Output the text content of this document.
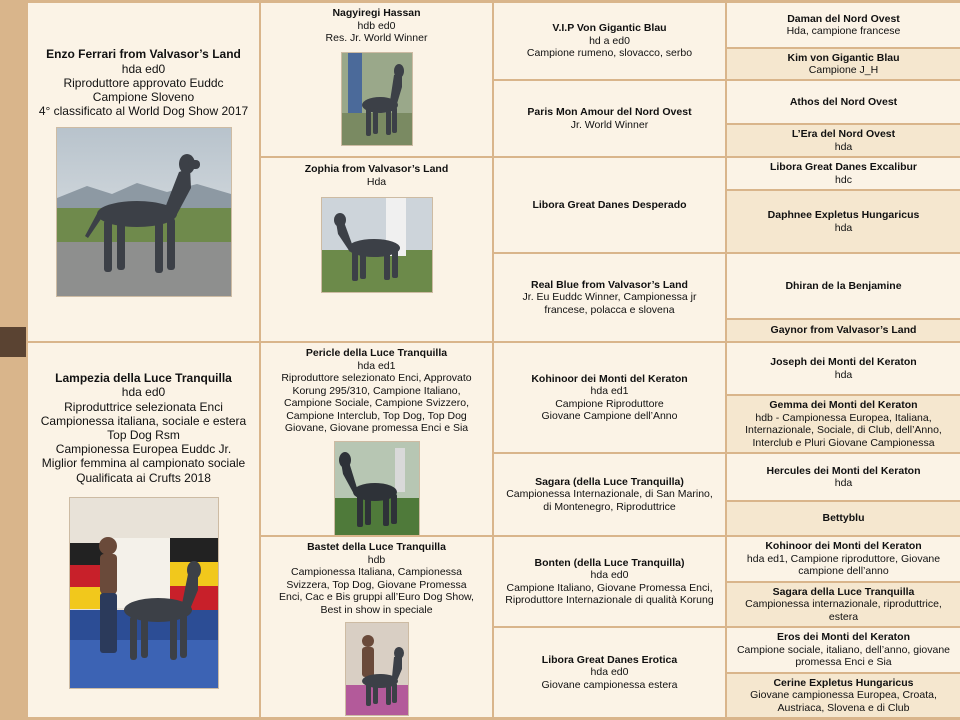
Enzo Ferrari from Valvasor’s Land
hda ed0
Riproduttore approvato Euddc
Campione Sloveno
4° classificato al World Dog Show 2017
Lampezia della Luce Tranquilla
hda ed0
Riproduttrice selezionata Enci
Campionessa italiana, sociale e estera
Top Dog Rsm
Campionessa Europea Euddc Jr.
Miglior femmina al campionato sociale
Qualificata ai Crufts 2018
Nagyiregi Hassan
hdb ed0
Res. Jr. World Winner
Zophia from Valvasor’s Land
Hda
Pericle della Luce Tranquilla
hda ed1
Riproduttore selezionato Enci, Approvato Korung 295/310, Campione Italiano, Campione Sociale, Campione Svizzero, Campione Interclub, Top Dog, Top Dog Giovane, Giovane promessa Enci e Sia
Bastet della Luce Tranquilla
hdb
Campionessa Italiana, Campionessa Svizzera, Top Dog, Giovane Promessa Enci, Cac e Bis gruppi all’Euro Dog Show, Best in show in speciale
V.I.P Von Gigantic Blau
hd a ed0
Campione rumeno, slovacco, serbo
Paris Mon Amour del Nord Ovest
Jr. World Winner
Libora Great Danes Desperado
Real Blue from Valvasor’s Land
Jr. Eu Euddc Winner, Campionessa jr francese, polacca e slovena
Kohinoor dei Monti del Keraton
hda ed1
Campione Riproduttore
Giovane Campione dell’Anno
Sagara (della Luce Tranquilla)
Campionessa Internazionale, di San Marino, di Montenegro, Riproduttrice
Bonten (della Luce Tranquilla)
hda ed0
Campione Italiano, Giovane Promessa Enci, Riproduttore Internazionale di qualità Korung
Libora Great Danes Erotica
hda ed0
Giovane campionessa estera
Daman del Nord Ovest
Hda, campione francese
Kim von Gigantic Blau
Campione J_H
Athos del Nord Ovest
L’Era del Nord Ovest
hda
Libora Great Danes Excalibur
hdc
Daphnee Expletus Hungaricus
hda
Dhiran de la Benjamine
Gaynor from Valvasor’s Land
Joseph dei Monti del Keraton
hda
Gemma dei Monti del Keraton
hdb - Campionessa Europea, Italiana, Internazionale, Sociale, di Club, dell’Anno, Interclub e Pluri Giovane Campionessa
Hercules dei Monti del Keraton
hda
Bettyblu
Kohinoor dei Monti del Keraton
hda ed1, Campione riproduttore, Giovane campione dell’anno
Sagara della Luce Tranquilla
Campionessa internazionale, riproduttrice, estera
Eros dei Monti del Keraton
Campione sociale, italiano, dell’anno, giovane promessa Enci e Sia
Cerine Expletus Hungaricus
Giovane campionessa Europea, Croata, Austriaca, Slovena e di Club
